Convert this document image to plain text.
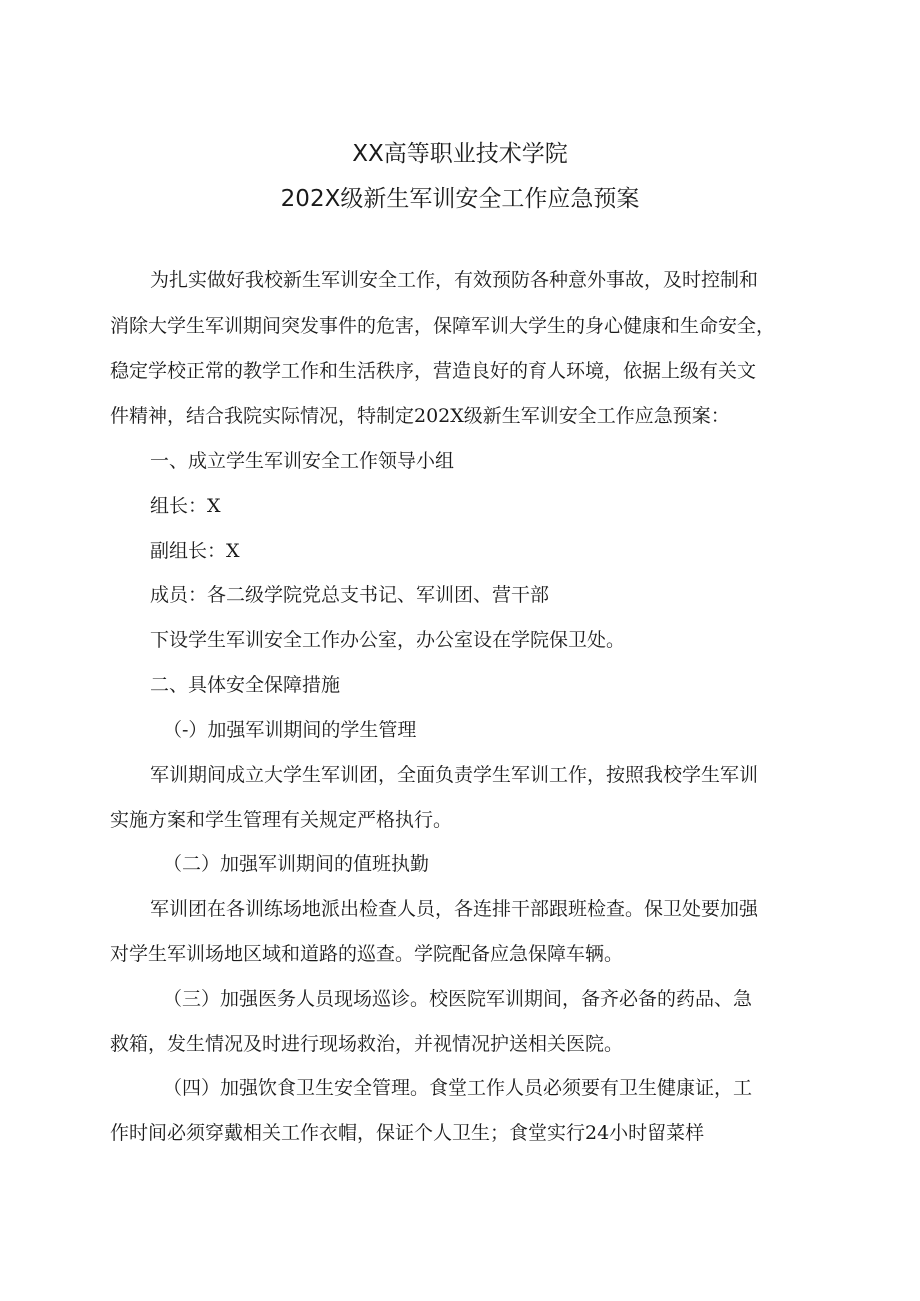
XX高等职业技术学院
202X级新生军训安全工作应急预案
为扎实做好我校新生军训安全工作，有效预防各种意外事故，及时控制和
消除大学生军训期间突发事件的危害，保障军训大学生的身心健康和生命安全，
稳定学校正常的教学工作和生活秩序，营造良好的育人环境，依据上级有关文
件精神，结合我院实际情况，特制定202X级新生军训安全工作应急预案：
一、成立学生军训安全工作领导小组
组长：X
副组长：X
成员：各二级学院党总支书记、军训团、营干部
下设学生军训安全工作办公室，办公室设在学院保卫处。
二、具体安全保障措施
（-）加强军训期间的学生管理
军训期间成立大学生军训团，全面负责学生军训工作，按照我校学生军训
实施方案和学生管理有关规定严格执行。
（二）加强军训期间的值班执勤
军训团在各训练场地派出检查人员，各连排干部跟班检查。保卫处要加强
对学生军训场地区域和道路的巡查。学院配备应急保障车辆。
（三）加强医务人员现场巡诊。校医院军训期间，备齐必备的药品、急
救箱，发生情况及时进行现场救治，并视情况护送相关医院。
（四）加强饮食卫生安全管理。食堂工作人员必须要有卫生健康证，工
作时间必须穿戴相关工作衣帽，保证个人卫生；食堂实行24小时留菜样
